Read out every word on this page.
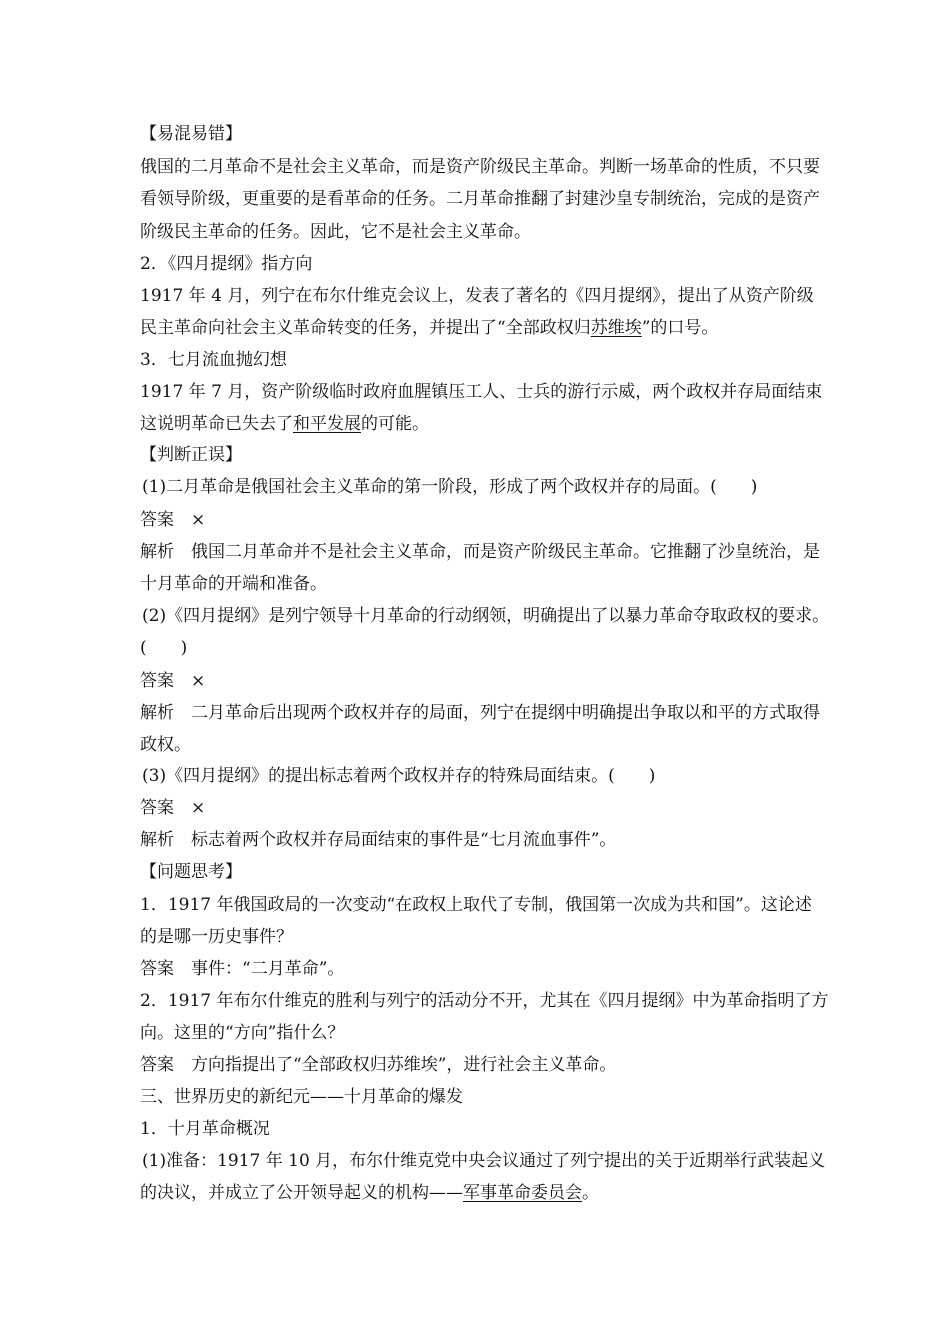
【易混易错】
俄国的二月革命不是社会主义革命，而是资产阶级民主革命。判断一场革命的性质，不只要
看领导阶级，更重要的是看革命的任务。二月革命推翻了封建沙皇专制统治，完成的是资产
阶级民主革命的任务。因此，它不是社会主义革命。
2．《四月提纲》指方向
1917 年 4 月，列宁在布尔什维克会议上，发表了著名的《四月提纲》，提出了从资产阶级
民主革命向社会主义革命转变的任务，并提出了“全部政权归苏维埃”的口号。
3．七月流血抛幻想
1917 年 7 月，资产阶级临时政府血腥镇压工人、士兵的游行示威，两个政权并存局面结束
这说明革命已失去了和平发展的可能。
【判断正误】
(1)二月革命是俄国社会主义革命的第一阶段，形成了两个政权并存的局面。(　　)
答案　×
解析　俄国二月革命并不是社会主义革命，而是资产阶级民主革命。它推翻了沙皇统治，是
十月革命的开端和准备。
(2)《四月提纲》是列宁领导十月革命的行动纲领，明确提出了以暴力革命夺取政权的要求。
(　　)
答案　×
解析　二月革命后出现两个政权并存的局面，列宁在提纲中明确提出争取以和平的方式取得
政权。
(3)《四月提纲》的提出标志着两个政权并存的特殊局面结束。(　　)
答案　×
解析　标志着两个政权并存局面结束的事件是“七月流血事件”。
【问题思考】
1．1917 年俄国政局的一次变动“在政权上取代了专制，俄国第一次成为共和国”。这论述
的是哪一历史事件？
答案　事件：“二月革命”。
2．1917 年布尔什维克的胜利与列宁的活动分不开，尤其在《四月提纲》中为革命指明了方
向。这里的“方向”指什么？
答案　方向指提出了“全部政权归苏维埃”，进行社会主义革命。
三、世界历史的新纪元——十月革命的爆发
1．十月革命概况
(1)准备：1917 年 10 月，布尔什维克党中央会议通过了列宁提出的关于近期举行武装起义
的决议，并成立了公开领导起义的机构——军事革命委员会。
